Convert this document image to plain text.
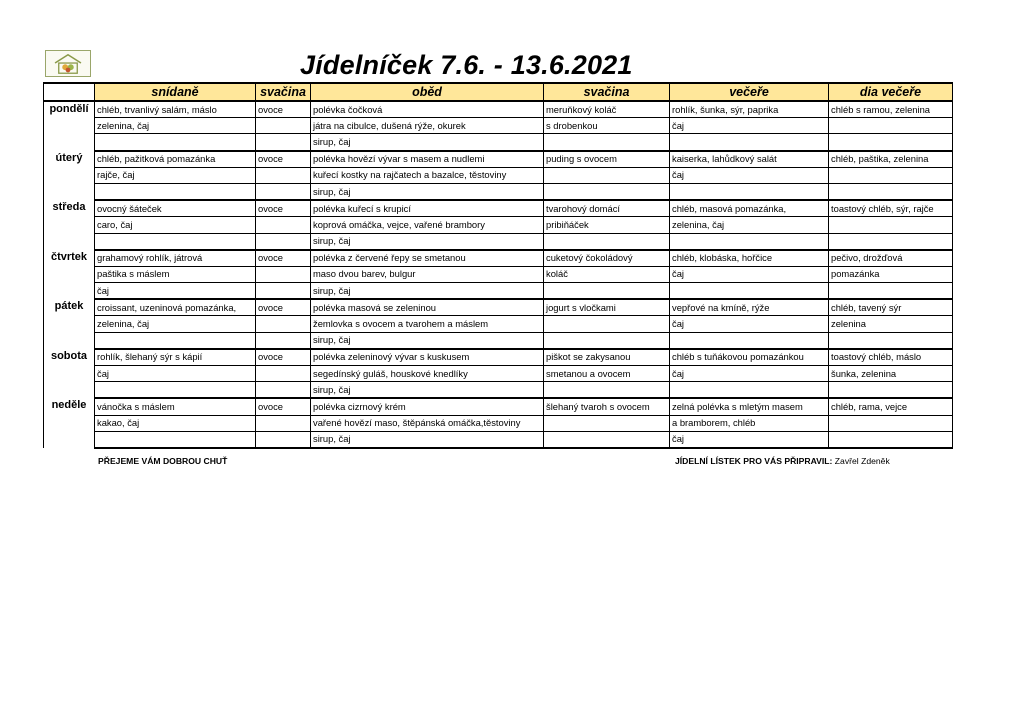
Jídelníček 7.6. - 13.6.2021
	snídaně	svačina	oběd	svačina	večeře	dia večeře
pondělí	chléb, trvanlivý salám, máslo	ovoce	polévka čočková	meruňkový koláč	rohlík, šunka, sýr, paprika	chléb s ramou, zelenina
	zelenina, čaj		játra na cibulce, dušená rýže, okurek	s drobenkou	čaj	
			sirup, čaj			
úterý	chléb, pažitková pomazánka	ovoce	polévka hovězí vývar s masem a nudlemi	puding s ovocem	kaiserka, lahůdkový salát	chléb, paštika, zelenina
	rajče, čaj		kuřecí kostky na rajčatech a bazalce, těstoviny		čaj	
			sirup, čaj			
středa	ovocný šáteček	ovoce	polévka kuřecí s krupicí	tvarohový domácí	chléb, masová pomazánka,	toastový chléb, sýr, rajče
	caro, čaj		koprová omáčka, vejce, vařené brambory	pribiňáček	zelenina, čaj	
			sirup, čaj			
čtvrtek	grahamový rohlík, játrová	ovoce	polévka z červené řepy se smetanou	cuketový čokoládový	chléb, klobáska, hořčice	pečivo, drožďová
	paštika s máslem		maso dvou barev, bulgur	koláč	čaj	pomazánka
	čaj		sirup, čaj			
pátek	croissant, uzeninová pomazánka,	ovoce	polévka masová se zeleninou	jogurt s vločkami	vepřové na kmíně, rýže	chléb, tavený sýr
	zelenina, čaj		žemlovka s ovocem a tvarohem a máslem		čaj	zelenina
			sirup, čaj			
sobota	rohlík, šlehaný sýr s kápií	ovoce	polévka zeleninový vývar s kuskusem	piškot se zakysanou	chléb s tuňákovou pomazánkou	toastový chléb, máslo
	čaj		segedínský guláš, houskové knedlíky	smetanou a ovocem	čaj	šunka, zelenina
			sirup, čaj			
neděle	vánočka s máslem	ovoce	polévka cizrnový krém	šlehaný tvaroh s ovocem	zelná polévka s mletým masem	chléb, rama, vejce
	kakao, čaj		vařené hovězí maso, štěpánská omáčka,těstoviny		a bramborem, chléb	
			sirup, čaj		čaj	
PŘEJEME VÁM DOBROU CHUŤ	JÍDELNÍ LÍSTEK PRO VÁS PŘIPRAVIL: Zavřel Zdeněk
